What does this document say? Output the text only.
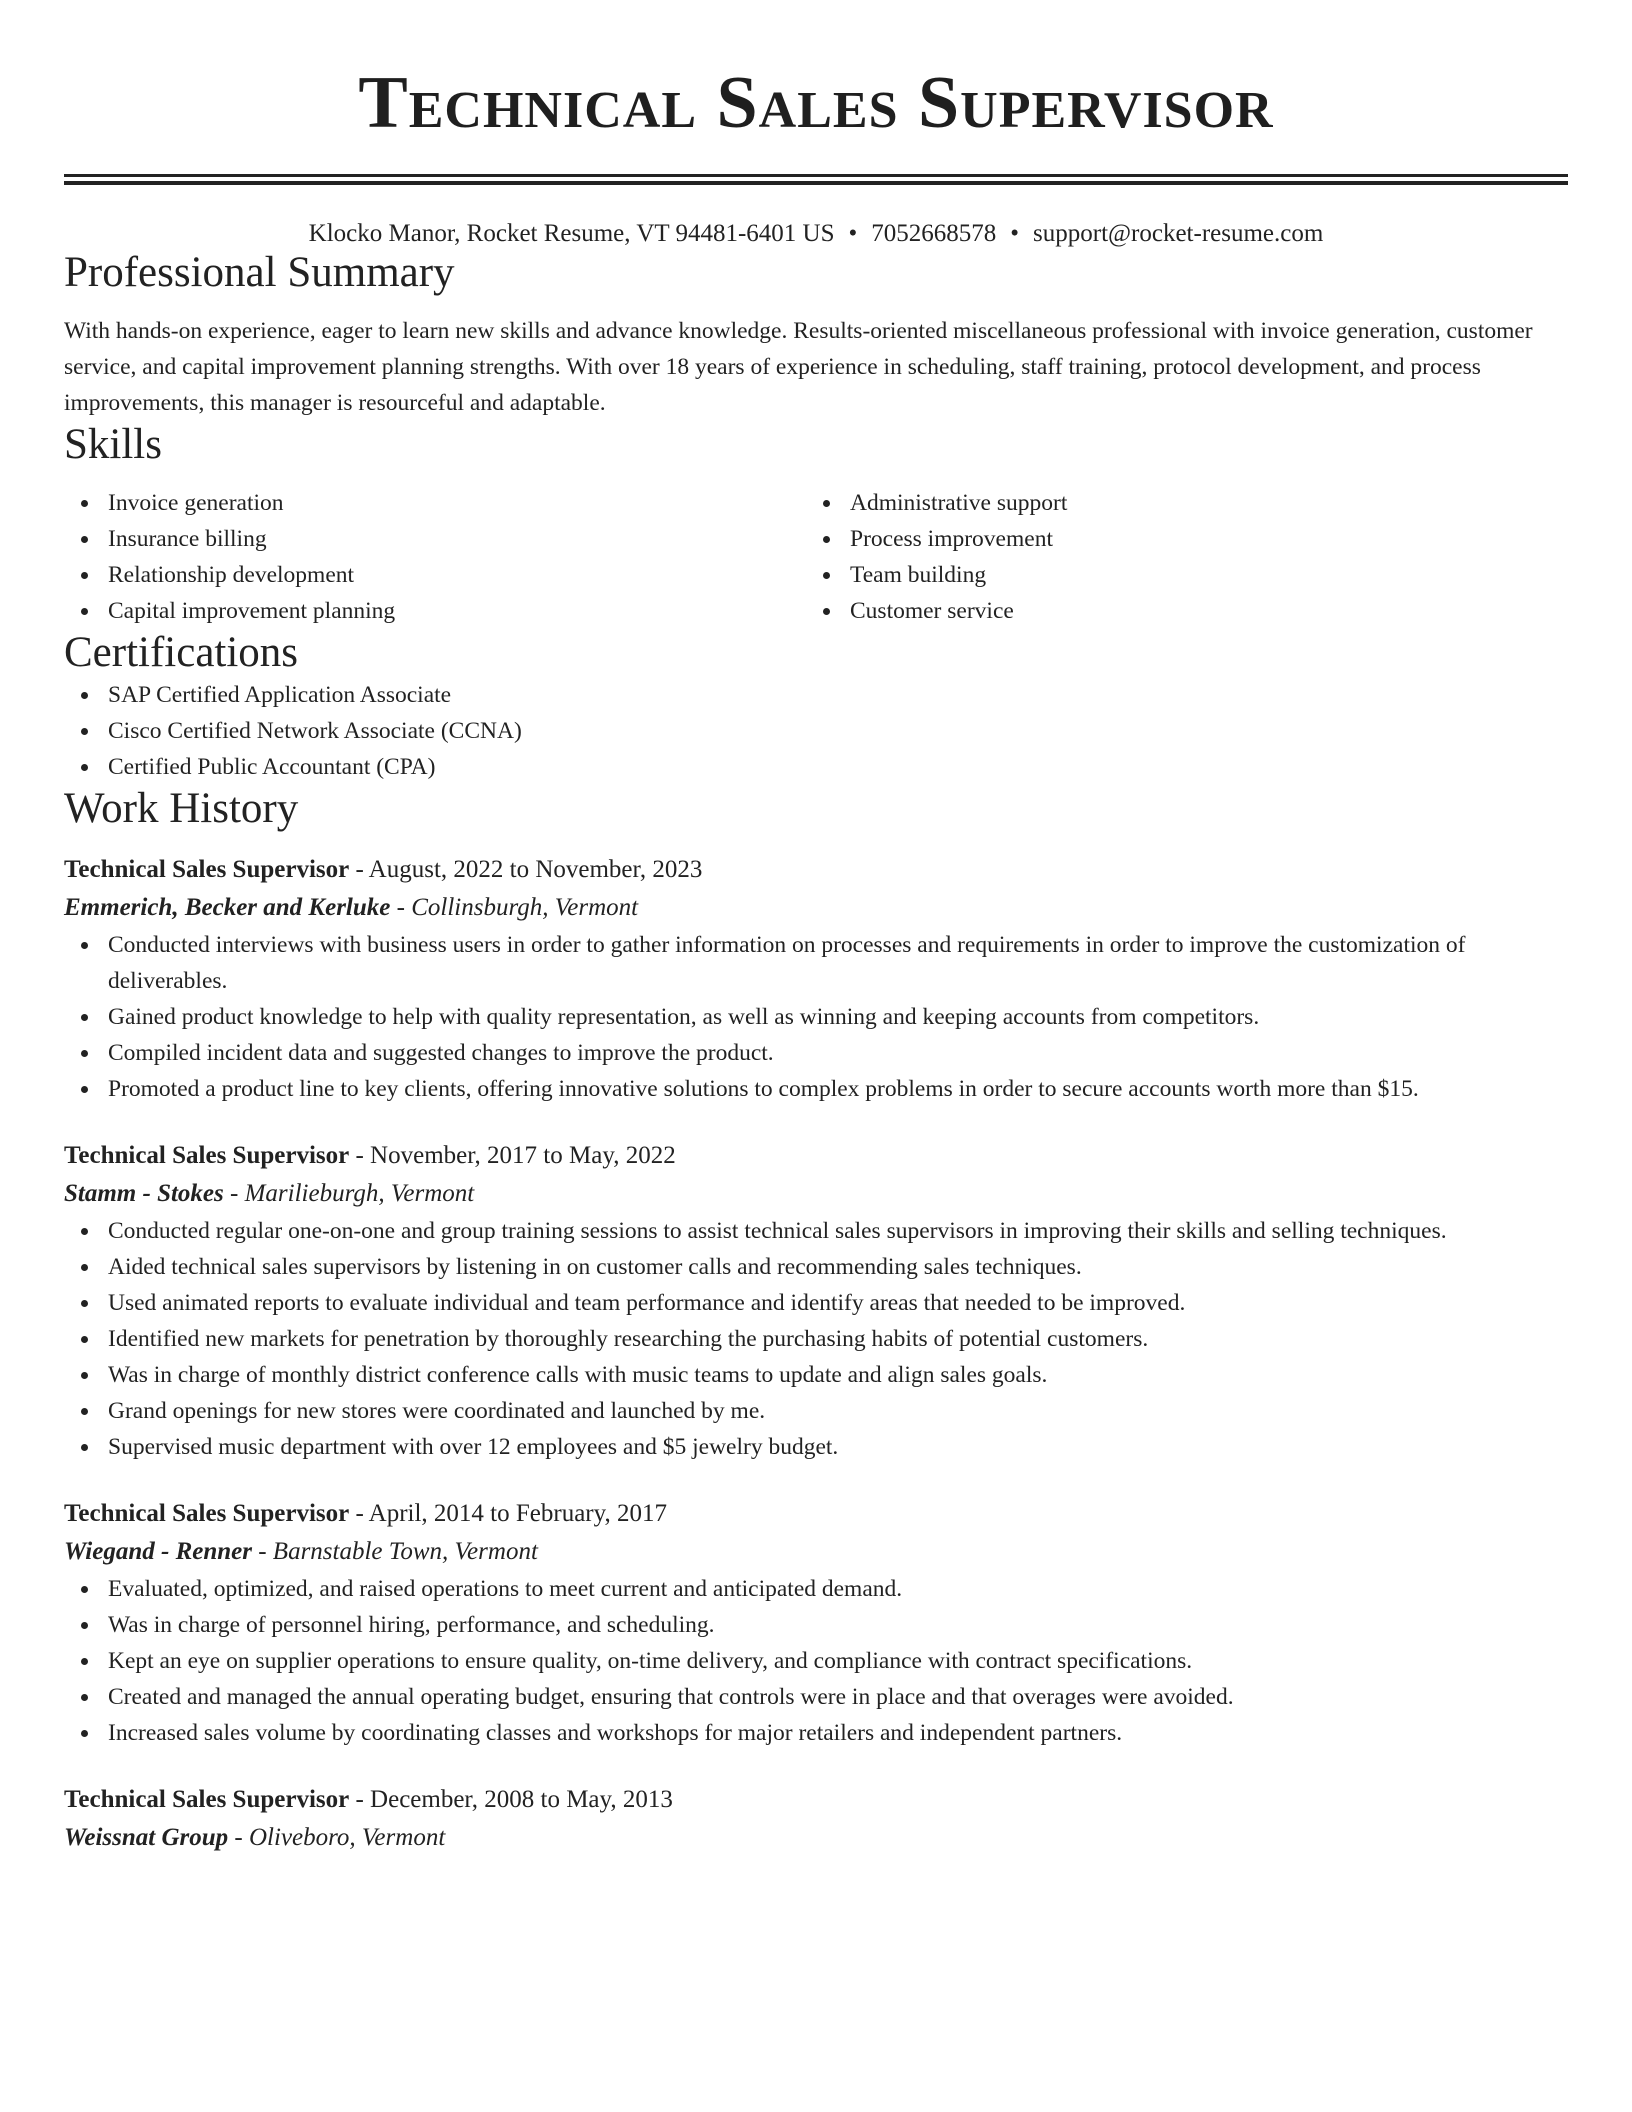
Technical Sales Supervisor
Klocko Manor, Rocket Resume, VT 94481-6401 US • 7052668578 • support@rocket-resume.com
Professional Summary

With hands-on experience, eager to learn new skills and advance knowledge. Results-oriented miscellaneous professional with invoice generation, customer service, and capital improvement planning strengths. With over 18 years of experience in scheduling, staff training, protocol development, and process improvements, this manager is resourceful and adaptable.

Skills
Invoice generation
Insurance billing
Relationship development
Capital improvement planning
Administrative support
Process improvement
Team building
Customer service
Certifications
SAP Certified Application Associate
Cisco Certified Network Associate (CCNA)
Certified Public Accountant (CPA)
Work History
Technical Sales Supervisor - August, 2022 to November, 2023
Emmerich, Becker and Kerluke - Collinsburgh, Vermont
Conducted interviews with business users in order to gather information on processes and requirements in order to improve the customization of deliverables.
Gained product knowledge to help with quality representation, as well as winning and keeping accounts from competitors.
Compiled incident data and suggested changes to improve the product.
Promoted a product line to key clients, offering innovative solutions to complex problems in order to secure accounts worth more than $15.
Technical Sales Supervisor - November, 2017 to May, 2022
Stamm - Stokes - Marilieburgh, Vermont
Conducted regular one-on-one and group training sessions to assist technical sales supervisors in improving their skills and selling techniques.
Aided technical sales supervisors by listening in on customer calls and recommending sales techniques.
Used animated reports to evaluate individual and team performance and identify areas that needed to be improved.
Identified new markets for penetration by thoroughly researching the purchasing habits of potential customers.
Was in charge of monthly district conference calls with music teams to update and align sales goals.
Grand openings for new stores were coordinated and launched by me.
Supervised music department with over 12 employees and $5 jewelry budget.
Technical Sales Supervisor - April, 2014 to February, 2017
Wiegand - Renner - Barnstable Town, Vermont
Evaluated, optimized, and raised operations to meet current and anticipated demand.
Was in charge of personnel hiring, performance, and scheduling.
Kept an eye on supplier operations to ensure quality, on-time delivery, and compliance with contract specifications.
Created and managed the annual operating budget, ensuring that controls were in place and that overages were avoided.
Increased sales volume by coordinating classes and workshops for major retailers and independent partners.
Technical Sales Supervisor - December, 2008 to May, 2013
Weissnat Group - Oliveboro, Vermont
